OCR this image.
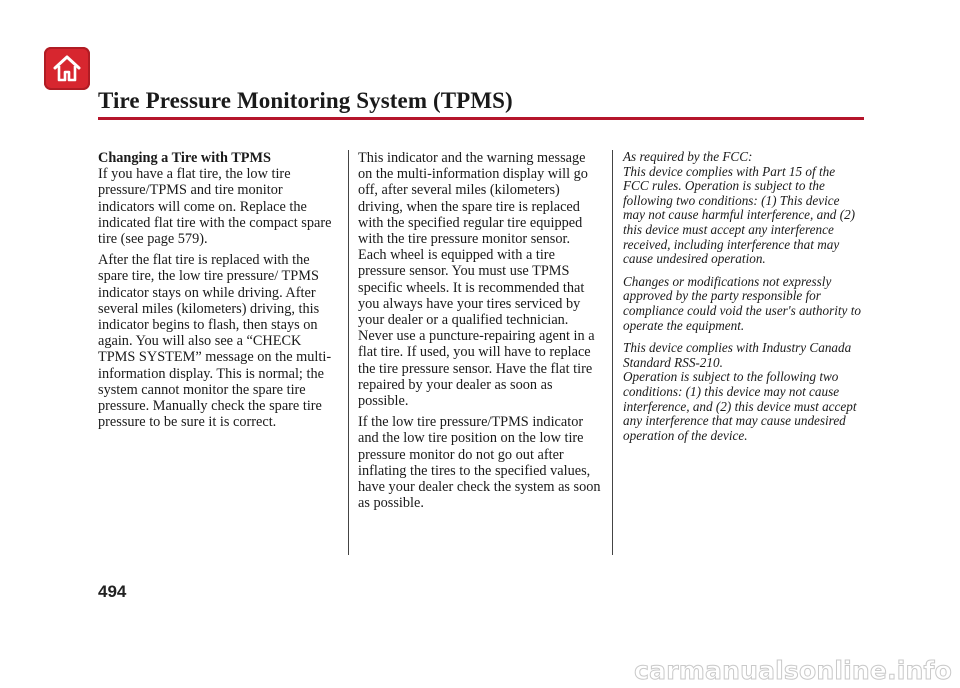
Tire Pressure Monitoring System (TPMS)
Changing a Tire with TPMS

If you have a flat tire, the low tire pressure/TPMS and tire monitor indicators will come on. Replace the indicated flat tire with the compact spare tire (see page 579).

After the flat tire is replaced with the spare tire, the low tire pressure/ TPMS indicator stays on while driving. After several miles (kilometers) driving, this indicator begins to flash, then stays on again. You will also see a “CHECK TPMS SYSTEM” message on the multi-information display. This is normal; the system cannot monitor the spare tire pressure. Manually check the spare tire pressure to be sure it is correct.

This indicator and the warning message on the multi-information display will go off, after several miles (kilometers) driving, when the spare tire is replaced with the specified regular tire equipped with the tire pressure monitor sensor.

Each wheel is equipped with a tire pressure sensor. You must use TPMS specific wheels. It is recommended that you always have your tires serviced by your dealer or a qualified technician.

Never use a puncture-repairing agent in a flat tire. If used, you will have to replace the tire pressure sensor. Have the flat tire repaired by your dealer as soon as possible.

If the low tire pressure/TPMS indicator and the low tire position on the low tire pressure monitor do not go out after inflating the tires to the specified values, have your dealer check the system as soon as possible.

As required by the FCC:
This device complies with Part 15 of the FCC rules. Operation is subject to the following two conditions: (1) This device may not cause harmful interference, and (2) this device must accept any interference received, including interference that may cause undesired operation.

Changes or modifications not expressly approved by the party responsible for compliance could void the user's authority to operate the equipment.

This device complies with Industry Canada Standard RSS-210.
Operation is subject to the following two conditions: (1) this device may not cause interference, and (2) this device must accept any interference that may cause undesired operation of the device.

494
carmanualsonline.info
